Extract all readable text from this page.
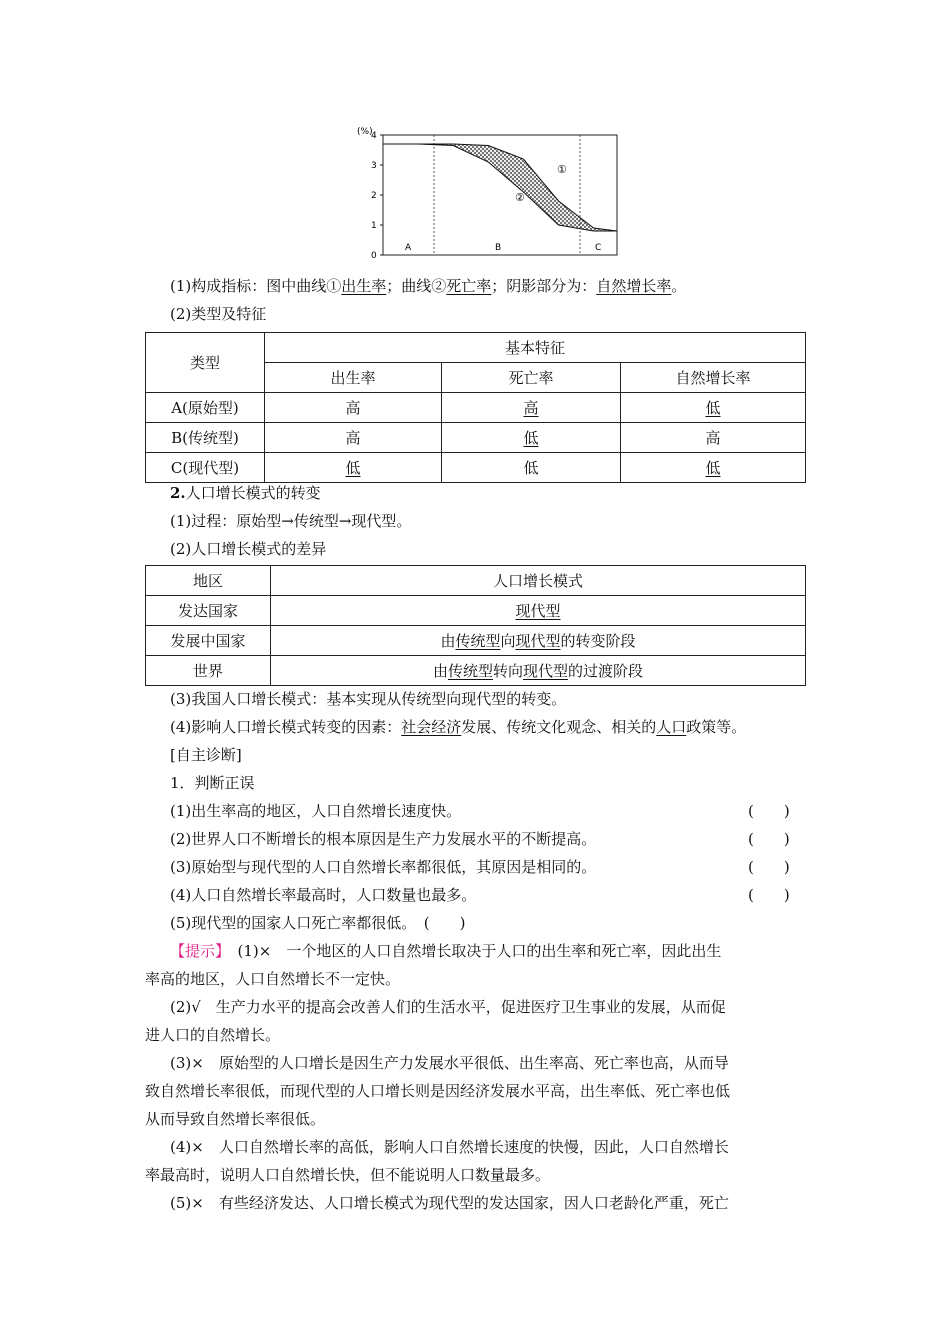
(%)
4
3
2
1
0
①
②
A	B	C
(1)构成指标：图中曲线①出生率；曲线②死亡率；阴影部分为：自然增长率。
(2)类型及特征
类型	基本特征		
	出生率	死亡率	自然增长率
A(原始型)	高	高	低
B(传统型)	高	低	高
C(现代型)	低	低	低
2.人口增长模式的转变
(1)过程：原始型→传统型→现代型。
(2)人口增长模式的差异
地区	人口增长模式
发达国家	现代型
发展中国家	由传统型向现代型的转变阶段
世界	由传统型转向现代型的过渡阶段
(3)我国人口增长模式：基本实现从传统型向现代型的转变。
(4)影响人口增长模式转变的因素：社会经济发展、传统文化观念、相关的人口政策等。
[自主诊断]
1．判断正误
(1)出生率高的地区，人口自然增长速度快。	(　　)
(2)世界人口不断增长的根本原因是生产力发展水平的不断提高。	(　　)
(3)原始型与现代型的人口自然增长率都很低，其原因是相同的。	(　　)
(4)人口自然增长率最高时，人口数量也最多。	(　　)
(5)现代型的国家人口死亡率都很低。　 (　　)
【提示】　(1)×　一个地区的人口自然增长取决于人口的出生率和死亡率，因此出生
率高的地区，人口自然增长不一定快。
(2)√　生产力水平的提高会改善人们的生活水平，促进医疗卫生事业的发展，从而促
进人口的自然增长。
(3)×　原始型的人口增长是因生产力发展水平很低、出生率高、死亡率也高，从而导
致自然增长率很低，而现代型的人口增长则是因经济发展水平高，出生率低、死亡率也低
从而导致自然增长率很低。
(4)×　人口自然增长率的高低，影响人口自然增长速度的快慢，因此，人口自然增长
率最高时，说明人口自然增长快，但不能说明人口数量最多。
(5)×　有些经济发达、人口增长模式为现代型的发达国家，因人口老龄化严重，死亡
